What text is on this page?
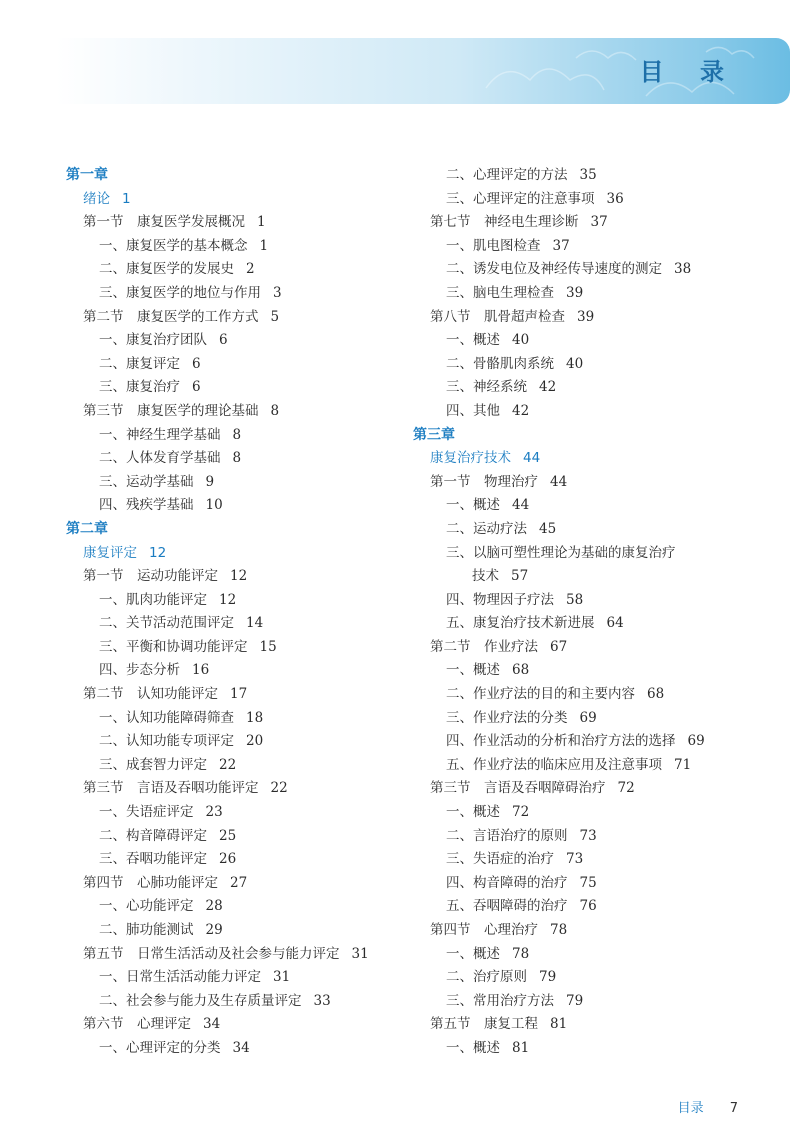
目 录
第一章
绪论 1
第一节　康复医学发展概况 1
一、康复医学的基本概念 1
二、康复医学的发展史 2
三、康复医学的地位与作用 3
第二节　康复医学的工作方式 5
一、康复治疗团队 6
二、康复评定 6
三、康复治疗 6
第三节　康复医学的理论基础 8
一、神经生理学基础 8
二、人体发育学基础 8
三、运动学基础 9
四、残疾学基础 10
第二章
康复评定 12
第一节　运动功能评定 12
一、肌肉功能评定 12
二、关节活动范围评定 14
三、平衡和协调功能评定 15
四、步态分析 16
第二节　认知功能评定 17
一、认知功能障碍筛查 18
二、认知功能专项评定 20
三、成套智力评定 22
第三节　言语及吞咽功能评定 22
一、失语症评定 23
二、构音障碍评定 25
三、吞咽功能评定 26
第四节　心肺功能评定 27
一、心功能评定 28
二、肺功能测试 29
第五节　日常生活活动及社会参与能力评定 31
一、日常生活活动能力评定 31
二、社会参与能力及生存质量评定 33
第六节　心理评定 34
一、心理评定的分类 34
二、心理评定的方法 35
三、心理评定的注意事项 36
第七节　神经电生理诊断 37
一、肌电图检查 37
二、诱发电位及神经传导速度的测定 38
三、脑电生理检查 39
第八节　肌骨超声检查 39
一、概述 40
二、骨骼肌肉系统 40
三、神经系统 42
四、其他 42
第三章
康复治疗技术 44
第一节　物理治疗 44
一、概述 44
二、运动疗法 45
三、以脑可塑性理论为基础的康复治疗
技术 57
四、物理因子疗法 58
五、康复治疗技术新进展 64
第二节　作业疗法 67
一、概述 68
二、作业疗法的目的和主要内容 68
三、作业疗法的分类 69
四、作业活动的分析和治疗方法的选择 69
五、作业疗法的临床应用及注意事项 71
第三节　言语及吞咽障碍治疗 72
一、概述 72
二、言语治疗的原则 73
三、失语症的治疗 73
四、构音障碍的治疗 75
五、吞咽障碍的治疗 76
第四节　心理治疗 78
一、概述 78
二、治疗原则 79
三、常用治疗方法 79
第五节　康复工程 81
一、概述 81
目录 7
